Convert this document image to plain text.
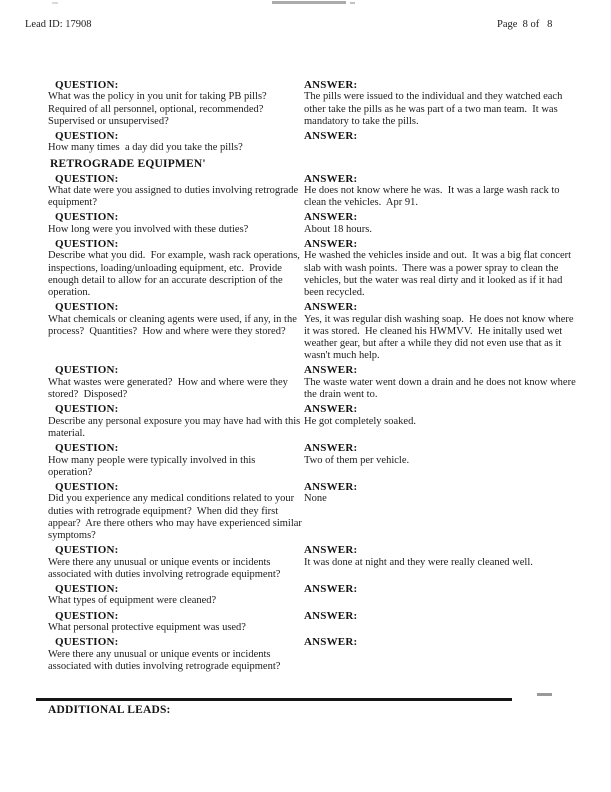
Lead ID: 17908	Page  8 of   8
QUESTION:
What was the policy in you unit for taking PB pills?  Required of all personnel, optional, recommended?  Supervised or unsupervised?
ANSWER:
The pills were issued to the individual and they watched each other take the pills as he was part of a two man team.  It was mandatory to take the pills.
QUESTION:
How many times  a day did you take the pills?
ANSWER:
RETROGRADE EQUIPMEN'
QUESTION:
What date were you assigned to duties involving retrograde equipment?
ANSWER:
He does not know where he was.  It was a large wash rack to clean the vehicles.  Apr 91.
QUESTION:
How long were you involved with these duties?
ANSWER:
About 18 hours.
QUESTION:
Describe what you did.  For example, wash rack operations, inspections, loading/unloading equipment, etc.  Provide enough detail to allow for an accurate description of the operation.
ANSWER:
He washed the vehicles inside and out.  It was a big flat concert slab with wash points.  There was a power spray to clean the vehicles, but the water was real dirty and it looked as if it had been recycled.
QUESTION:
What chemicals or cleaning agents were used, if any, in the process?  Quantities?  How and where were they stored?
ANSWER:
Yes, it was regular dish washing soap.  He does not know where it was stored.  He cleaned his HWMVV.  He initally used wet weather gear, but after a while they did not even use that as it wasn't much help.
QUESTION:
What wastes were generated?  How and where were they stored?  Disposed?
ANSWER:
The waste water went down a drain and he does not know where the drain went to.
QUESTION:
Describe any personal exposure you may have had with this material.
ANSWER:
He got completely soaked.
QUESTION:
How many people were typically involved in this operation?
ANSWER:
Two of them per vehicle.
QUESTION:
Did you experience any medical conditions related to your duties with retrograde equipment?  When did they first appear?  Are there others who may have experienced similar symptoms?
ANSWER:
None
QUESTION:
Were there any unusual or unique events or incidents associated with duties involving retrograde equipment?
ANSWER:
It was done at night and they were really cleaned well.
QUESTION:
What types of equipment were cleaned?
ANSWER:
QUESTION:
What personal protective equipment was used?
ANSWER:
QUESTION:
Were there any unusual or unique events or incidents associated with duties involving retrograde equipment?
ANSWER:
ADDITIONAL LEADS:
